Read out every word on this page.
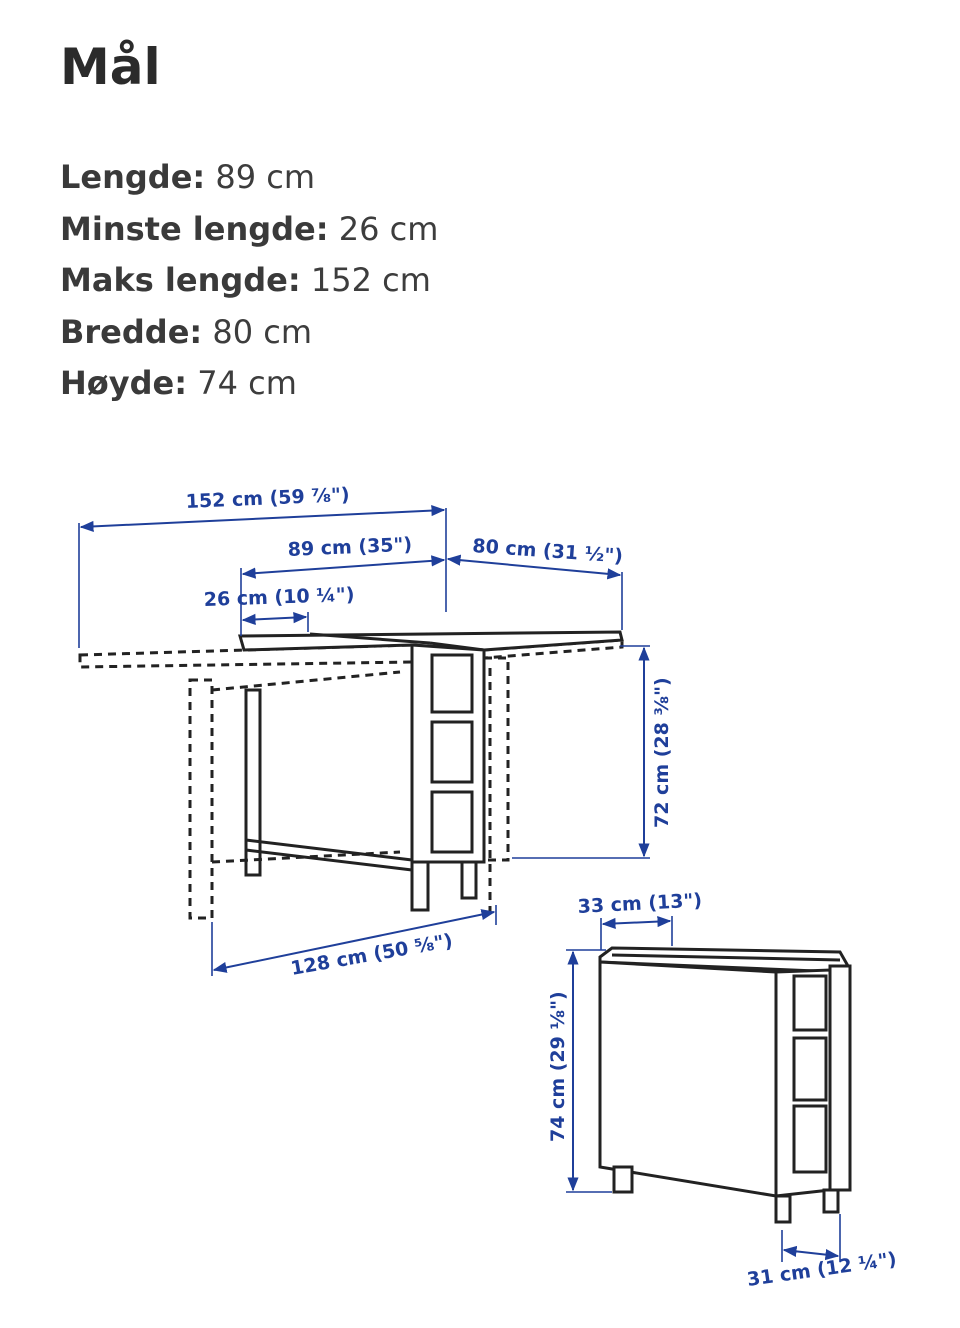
Mål
Lengde: 89 cm
Minste lengde: 26 cm
Maks lengde: 152 cm
Bredde: 80 cm
Høyde: 74 cm
152 cm (59 ⅞")
89 cm (35")	80 cm (31 ½")
26 cm (10 ¼")
72 cm (28 ⅜")
128 cm (50 ⅝")
33 cm (13")
74 cm (29 ⅛")
31 cm (12 ¼")
